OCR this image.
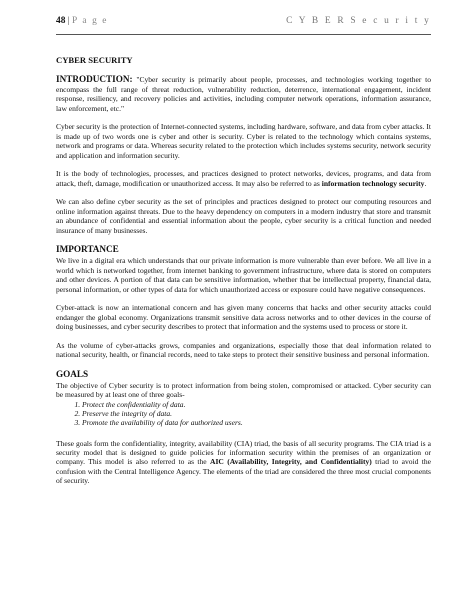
48 | P a g e	C Y B E R S e c u r i t y
CYBER SECURITY

INTRODUCTION: "Cyber security is primarily about people, processes, and technologies working together to encompass the full range of threat reduction, vulnerability reduction, deterrence, international engagement, incident response, resiliency, and recovery policies and activities, including computer network operations, information assurance, law enforcement, etc."

Cyber security is the protection of Internet-connected systems, including hardware, software, and data from cyber attacks. It is made up of two words one is cyber and other is security. Cyber is related to the technology which contains systems, network and programs or data. Whereas security related to the protection which includes systems security, network security and application and information security.

It is the body of technologies, processes, and practices designed to protect networks, devices, programs, and data from attack, theft, damage, modification or unauthorized access. It may also be referred to as information technology security.

We can also define cyber security as the set of principles and practices designed to protect our computing resources and online information against threats. Due to the heavy dependency on computers in a modern industry that store and transmit an abundance of confidential and essential information about the people, cyber security is a critical function and needed insurance of many businesses.

IMPORTANCE

We live in a digital era which understands that our private information is more vulnerable than ever before. We all live in a world which is networked together, from internet banking to government infrastructure, where data is stored on computers and other devices. A portion of that data can be sensitive information, whether that be intellectual property, financial data, personal information, or other types of data for which unauthorized access or exposure could have negative consequences.

Cyber-attack is now an international concern and has given many concerns that hacks and other security attacks could endanger the global economy. Organizations transmit sensitive data across networks and to other devices in the course of doing businesses, and cyber security describes to protect that information and the systems used to process or store it.

As the volume of cyber-attacks grows, companies and organizations, especially those that deal information related to national security, health, or financial records, need to take steps to protect their sensitive business and personal information.

GOALS

The objective of Cyber security is to protect information from being stolen, compromised or attacked. Cyber security can be measured by at least one of three goals-

1. Protect the confidentiality of data.
2. Preserve the integrity of data.
3. Promote the availability of data for authorized users.

These goals form the confidentiality, integrity, availability (CIA) triad, the basis of all security programs. The CIA triad is a security model that is designed to guide policies for information security within the premises of an organization or company. This model is also referred to as the AIC (Availability, Integrity, and Confidentiality) triad to avoid the confusion with the Central Intelligence Agency. The elements of the triad are considered the three most crucial components of security.
